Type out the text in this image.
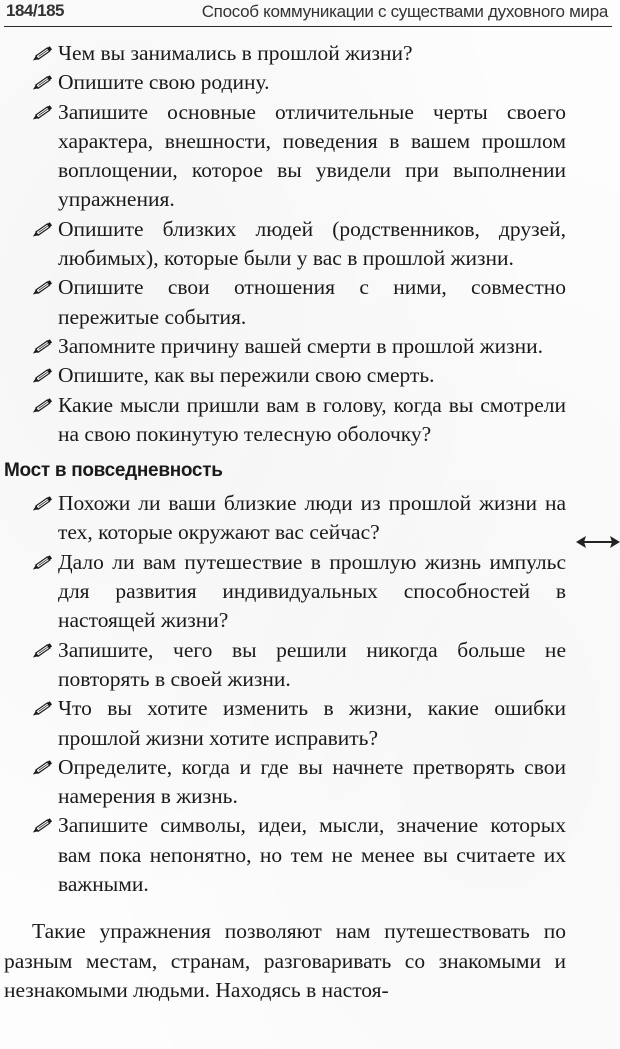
184/185	Способ коммуникации с существами духовного мира
Чем вы занимались в прошлой жизни?
Опишите свою родину.
Запишите основные отличительные черты своего характера, внешности, поведения в вашем прошлом воплощении, которое вы увидели при выполнении упражнения.
Опишите близких людей (родственников, друзей, любимых), которые были у вас в прошлой жизни.
Опишите свои отношения с ними, совместно пережитые события.
Запомните причину вашей смерти в прошлой жизни.
Опишите, как вы пережили свою смерть.
Какие мысли пришли вам в голову, когда вы смотрели на свою покинутую телесную оболочку?
Мост в повседневность
Похожи ли ваши близкие люди из прошлой жизни на тех, которые окружают вас сейчас?
Дало ли вам путешествие в прошлую жизнь импульс для развития индивидуальных способностей в настоящей жизни?
Запишите, чего вы решили никогда больше не повторять в своей жизни.
Что вы хотите изменить в жизни, какие ошибки прошлой жизни хотите исправить?
Определите, когда и где вы начнете претворять свои намерения в жизнь.
Запишите символы, идеи, мысли, значение которых вам пока непонятно, но тем не менее вы считаете их важными.

Такие упражнения позволяют нам путешествовать по разным местам, странам, разговаривать со знакомыми и незнакомыми людьми. Находясь в настоя-
